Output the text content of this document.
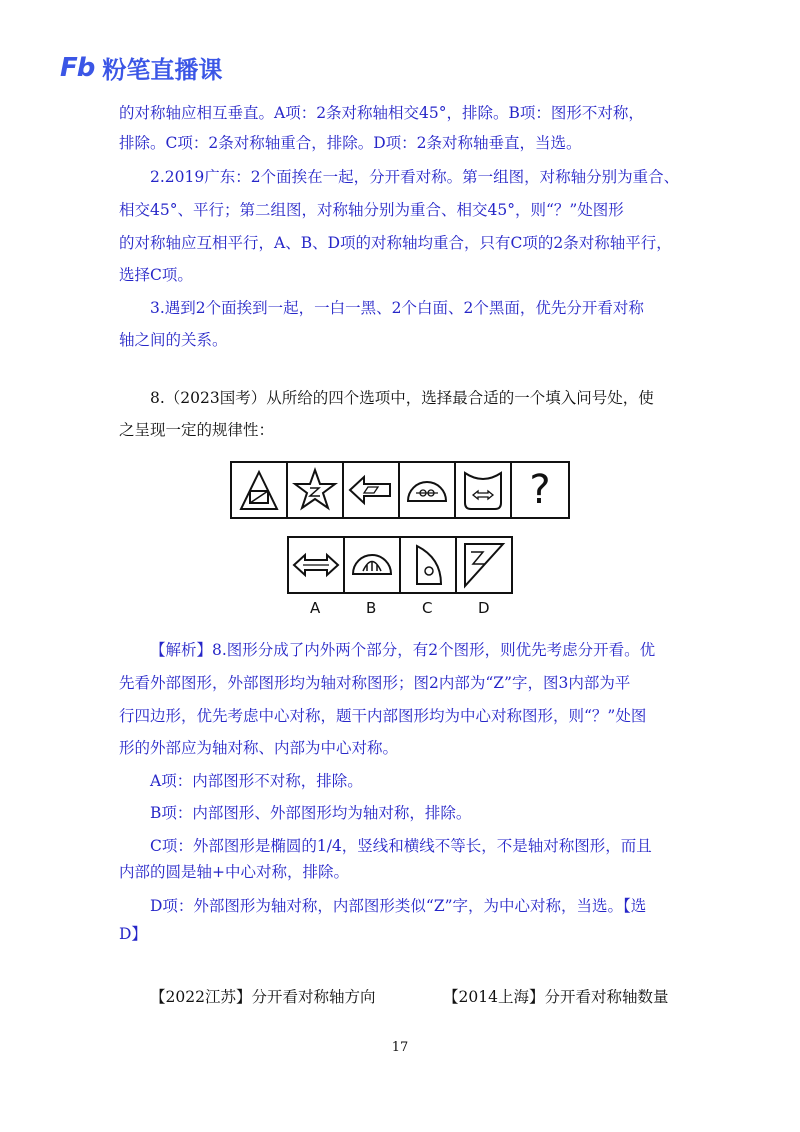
Fb 粉笔直播课
的对称轴应相互垂直。A项：2条对称轴相交45°，排除。B项：图形不对称，
排除。C项：2条对称轴重合，排除。D项：2条对称轴垂直，当选。
2.2019广东：2个面挨在一起，分开看对称。第一组图，对称轴分别为重合、
相交45°、平行；第二组图，对称轴分别为重合、相交45°，则“？”处图形
的对称轴应互相平行，A、B、D项的对称轴均重合，只有C项的2条对称轴平行，
选择C项。
3.遇到2个面挨到一起，一白一黑、2个白面、2个黑面，优先分开看对称
轴之间的关系。
8.（2023国考）从所给的四个选项中，选择最合适的一个填入问号处，使
之呈现一定的规律性：
?
A	B	C	D
【解析】8.图形分成了内外两个部分，有2个图形，则优先考虑分开看。优
先看外部图形，外部图形均为轴对称图形；图2内部为“Z”字，图3内部为平
行四边形，优先考虑中心对称，题干内部图形均为中心对称图形，则“？”处图
形的外部应为轴对称、内部为中心对称。
A项：内部图形不对称，排除。
B项：内部图形、外部图形均为轴对称，排除。
C项：外部图形是椭圆的1/4，竖线和横线不等长，不是轴对称图形，而且
内部的圆是轴+中心对称，排除。
D项：外部图形为轴对称，内部图形类似“Z”字，为中心对称，当选。【选
D】
【2022江苏】分开看对称轴方向	【2014上海】分开看对称轴数量
17
